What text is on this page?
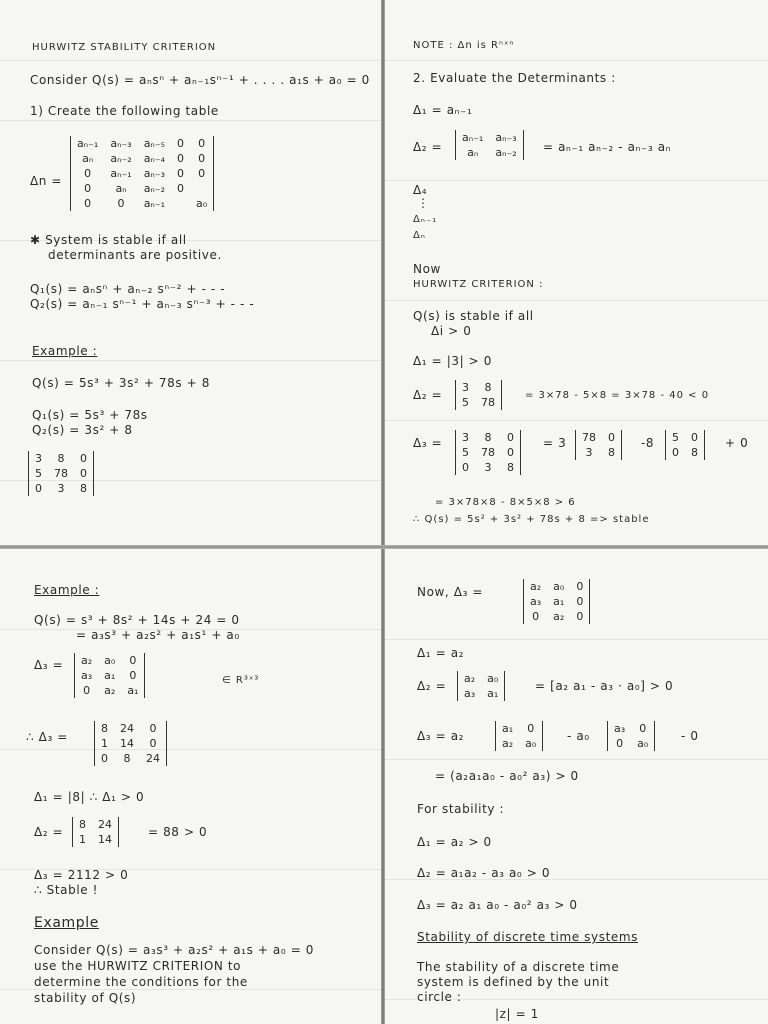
HURWITZ STABILITY CRITERION
Consider Q(s) = aₙsⁿ + aₙ₋₁sⁿ⁻¹ + . . . . a₁s + a₀ = 0
1) Create the following table
Δn =
aₙ₋₁	aₙ₋₃	aₙ₋₅	0	0
aₙ	aₙ₋₂	aₙ₋₄	0	0
0	aₙ₋₁	aₙ₋₃	0	0
0	aₙ	aₙ₋₂	0	
0	0	aₙ₋₁		a₀
✱ System is stable if all
determinants are positive.
Q₁(s) = aₙsⁿ + aₙ₋₂ sⁿ⁻² + - - -
Q₂(s) = aₙ₋₁ sⁿ⁻¹ + aₙ₋₃ sⁿ⁻³ + - - -
Example :
Q(s) = 5s³ + 3s² + 78s + 8
Q₁(s) = 5s³ + 78s
Q₂(s) = 3s² + 8
3	8	0
5	78	0
0	3	8
NOTE : Δn is Rⁿˣⁿ
2. Evaluate the Determinants :
Δ₁ = aₙ₋₁
Δ₂ =
aₙ₋₁	aₙ₋₃
aₙ	aₙ₋₂ = aₙ₋₁ aₙ₋₂ - aₙ₋₃ aₙ
Δ₄
⋮
Δₙ₋₁
Δₙ
Now
HURWITZ CRITERION :
Q(s) is stable if all
Δi > 0
Δ₁ = |3| > 0
Δ₂ =
3	8
5	78
= 3×78 - 5×8 = 3×78 - 40 < 0
Δ₃ = 3	8	0
5	78	0
0	3	8
= 3 78	0
3	8
-8 5	0
0	8
+ 0
= 3×78×8 - 8×5×8 > 6
∴ Q(s) = 5s² + 3s² + 78s + 8 => stable
Example :
Q(s) = s³ + 8s² + 14s + 24 = 0
= a₃s³ + a₂s² + a₁s¹ + a₀
Δ₃ = a₂	a₀	0
a₃	a₁	0
0	a₂	a₁
∈ R³ˣ³
∴ Δ₃ =
8	24	0
1	14	0
0	8	24
Δ₁ = |8| ∴ Δ₁ > 0
Δ₂ =
8	24
1	14
= 88 > 0
Δ₃ = 2112 > 0
∴ Stable !
Example
Consider Q(s) = a₃s³ + a₂s² + a₁s + a₀ = 0
use the HURWITZ CRITERION to
determine the conditions for the
stability of Q(s)
Now, Δ₃ =	a₂	a₀	0
a₃	a₁	0
0	a₂	0
Δ₁ = a₂
Δ₂ =
a₂	a₀
a₃	a₁
= [a₂ a₁ - a₃ · a₀] > 0
Δ₃ = a₂
a₁	0
a₂	a₀
- a₀
a₃	0
0	a₀
- 0
= (a₂a₁a₀ - a₀² a₃) > 0
For stability :
Δ₁ = a₂ > 0
Δ₂ = a₁a₂ - a₃ a₀ > 0
Δ₃ = a₂ a₁ a₀ - a₀² a₃ > 0
Stability of discrete time systems
The stability of a discrete time
system is defined by the unit
circle :
|z| = 1
